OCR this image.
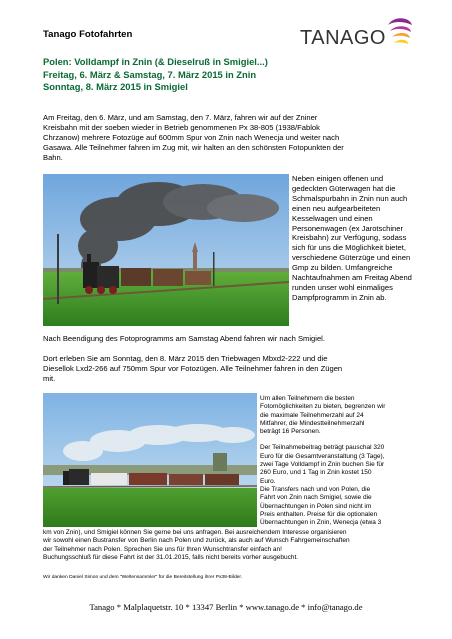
Tanago Fotofahrten	TANAGO
Polen: Volldampf in Znin (& Dieselruß in Smigiel...)
Freitag, 6. März & Samstag, 7. März 2015 in Znin
Sonntag, 8. März 2015 in Smigiel
Am Freitag, den 6. März, und am Samstag, den 7. März, fahren wir auf der Zniner
Kreisbahn mit der soeben wieder in Betrieb genommenen Px 38-805 (1938/Fablok
Chrzanow) mehrere Fotozüge auf 600mm Spur von Znin nach Wenecja und weiter nach
Gasawa. Alle Teilnehmer fahren im Zug mit, wir halten an den schönsten Fotopunkten der
Bahn.
Neben einigen offenen und
gedeckten Güterwagen hat die
Schmalspurbahn in Znin nun auch
einen neu aufgearbeiteten
Kesselwagen und einen
Personenwagen (ex Jarotschiner
Kreisbahn) zur Verfügung, sodass
sich für uns die Möglichkeit bietet,
verschiedene Güterzüge und einen
Gmp zu bilden. Umfangreiche
Nachtaufnahmen am Freitag Abend
runden unser wohl einmaliges
Dampfprogramm in Znin ab.
Nach Beendigung des Fotoprogramms am Samstag Abend fahren wir nach Smigiel.
Dort erleben Sie am Sonntag, den 8. März 2015 den Triebwagen Mbxd2-222 und die
Diesellok Lxd2-266 auf 750mm Spur vor Fotozügen. Alle Teilnehmer fahren in den Zügen
mit.
Um allen Teilnehmern die besten
Fotomöglichkeiten zu bieten, begrenzen wir
die maximale Teilnehmerzahl auf 24
Mitfahrer, die Mindestteilnehmerzahl
beträgt 16 Personen.
Der Teilnahmebeitrag beträgt pauschal 320
Euro für die Gesamtveranstaltung (3 Tage),
zwei Tage Volldampf in Znin buchen Sie für
260 Euro, und 1 Tag in Znin kostet 150
Euro.
Die Transfers nach und von Polen, die
Fahrt von Znin nach Smigiel, sowie die
Übernachtungen in Polen sind nicht im
Preis enthalten. Preise für die optionalen
Übernachtungen in Znin, Wenecja (etwa 3
km von Znin), und Smigiel können Sie gerne bei uns anfragen. Bei ausreichendem Interesse organisieren
wir sowohl einen Bustransfer von Berlin nach Polen und zurück, als auch auf Wunsch Fahrgemeinschaften
der Teilnehmer nach Polen. Sprechen Sie uns für Ihren Wunschtransfer einfach an!
Buchungsschluß für diese Fahrt ist der 31.01.2015, falls nicht bereits vorher ausgebucht.
Wir danken Daniel Simon und dem "Weltensammler" für die Bereitstellung ihrer Px38-Bilder.
Tanago * Malplaquetstr. 10 * 13347 Berlin * www.tanago.de * info@tanago.de
